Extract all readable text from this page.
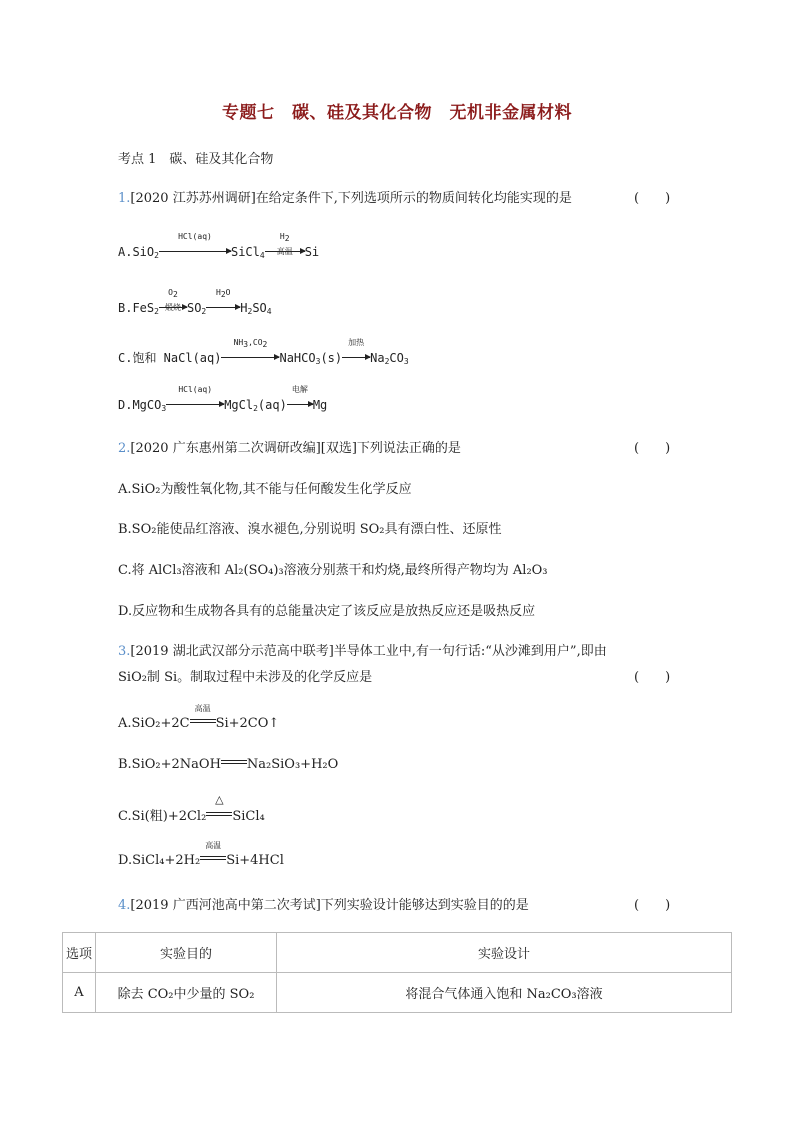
专题七　碳、硅及其化合物　无机非金属材料
考点 1　碳、硅及其化合物
1.[2020 江苏苏州调研]在给定条件下,下列选项所示的物质间转化均能实现的是	(　　)
A.SiO$_2$
HCl(aq)
SiCl$_4$
$H_2$
高温	Si
B.FeS$_2$
$O_2$
煅烧 $SO_2$
$H_2O$
$H_2SO_4$
C.饱和 NaCl(aq)
$NH_3,CO_2$
NaHCO$_3$(s)
加热
$Na_2CO_3$
D.MgCO$_3$
HCl(aq)
MgCl$_2$(aq)
电解
Mg
2.[2020 广东惠州第二次调研改编][双选]下列说法正确的是	(　　)
A.SiO₂为酸性氧化物,其不能与任何酸发生化学反应
B.SO₂能使品红溶液、溴水褪色,分别说明 SO₂具有漂白性、还原性
C.将 AlCl₃溶液和 Al₂(SO₄)₃溶液分别蒸干和灼烧,最终所得产物均为 Al₂O₃
D.反应物和生成物各具有的总能量决定了该反应是放热反应还是吸热反应
3.[2019 湖北武汉部分示范高中联考]半导体工业中,有一句行话:“从沙滩到用户”,即由
SiO₂制 Si。制取过程中未涉及的化学反应是	(　　)
A.SiO₂+2C
高温
Si+2CO↑
B.SiO₂+2NaOH Na₂SiO₃+H₂O
C.Si(粗)+2Cl₂
△
SiCl₄
D.SiCl₄+2H₂
高温
Si+4HCl
4.[2019 广西河池高中第二次考试]下列实验设计能够达到实验目的的是	(　　)
选项	实验目的	实验设计
A	除去 CO₂中少量的 SO₂	将混合气体通入饱和 Na₂CO₃溶液
